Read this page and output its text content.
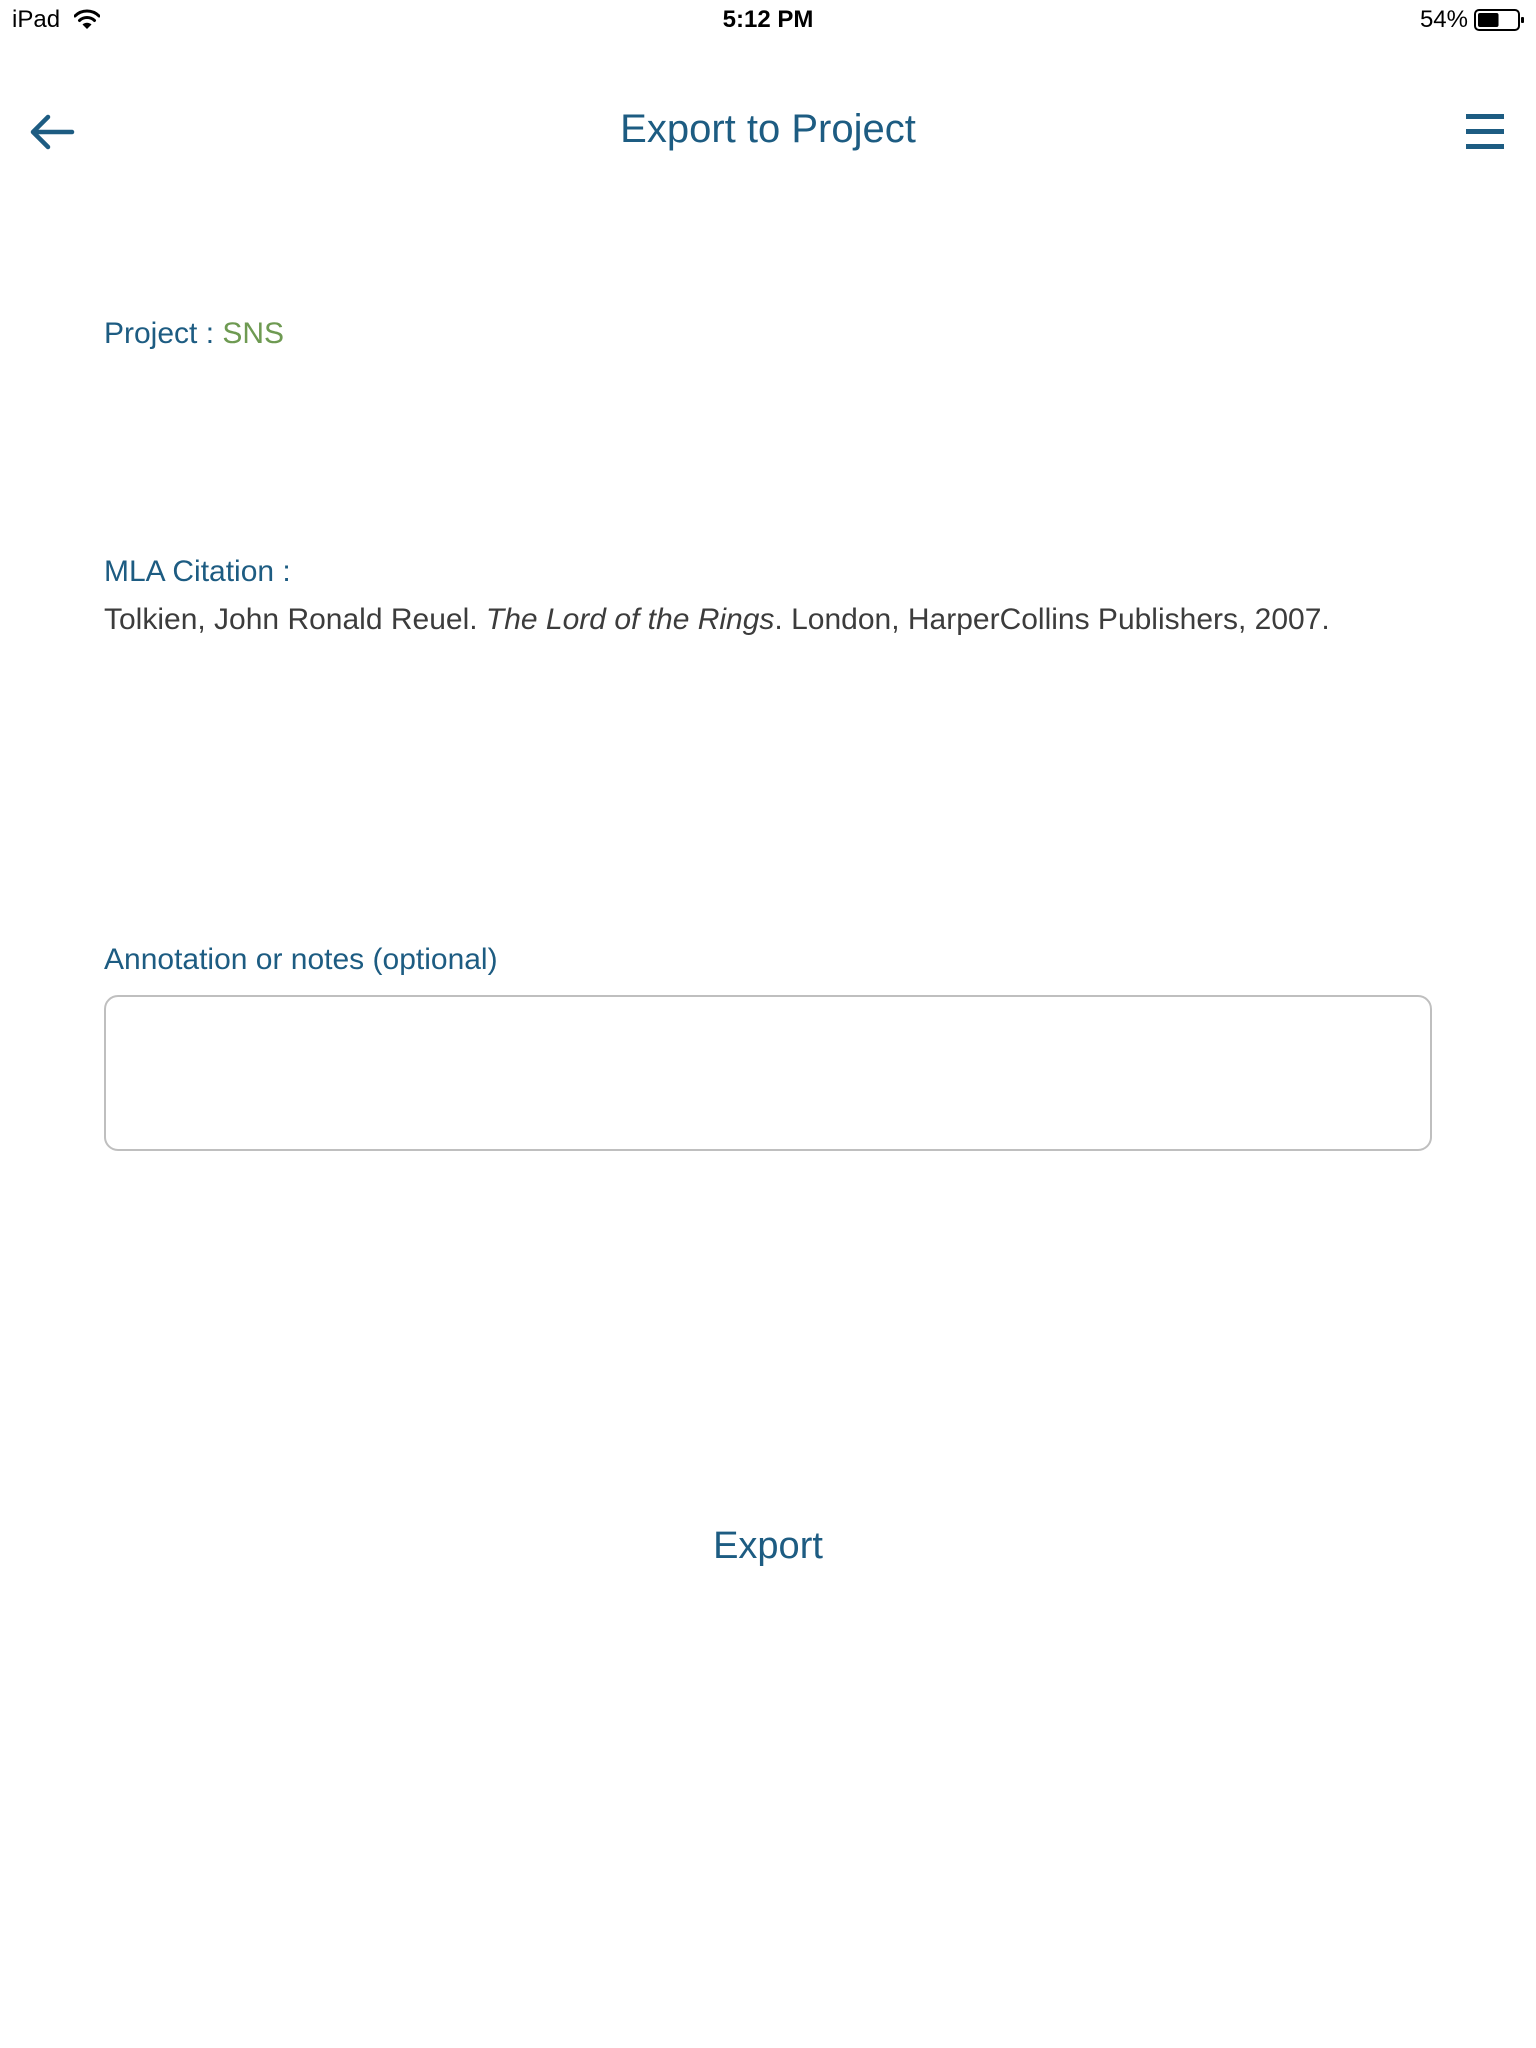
iPad	5:12 PM	54%
Export to Project
Project : SNS
MLA Citation :
Tolkien, John Ronald Reuel. The Lord of the Rings. London, HarperCollins Publishers, 2007.
Annotation or notes (optional)
Export
